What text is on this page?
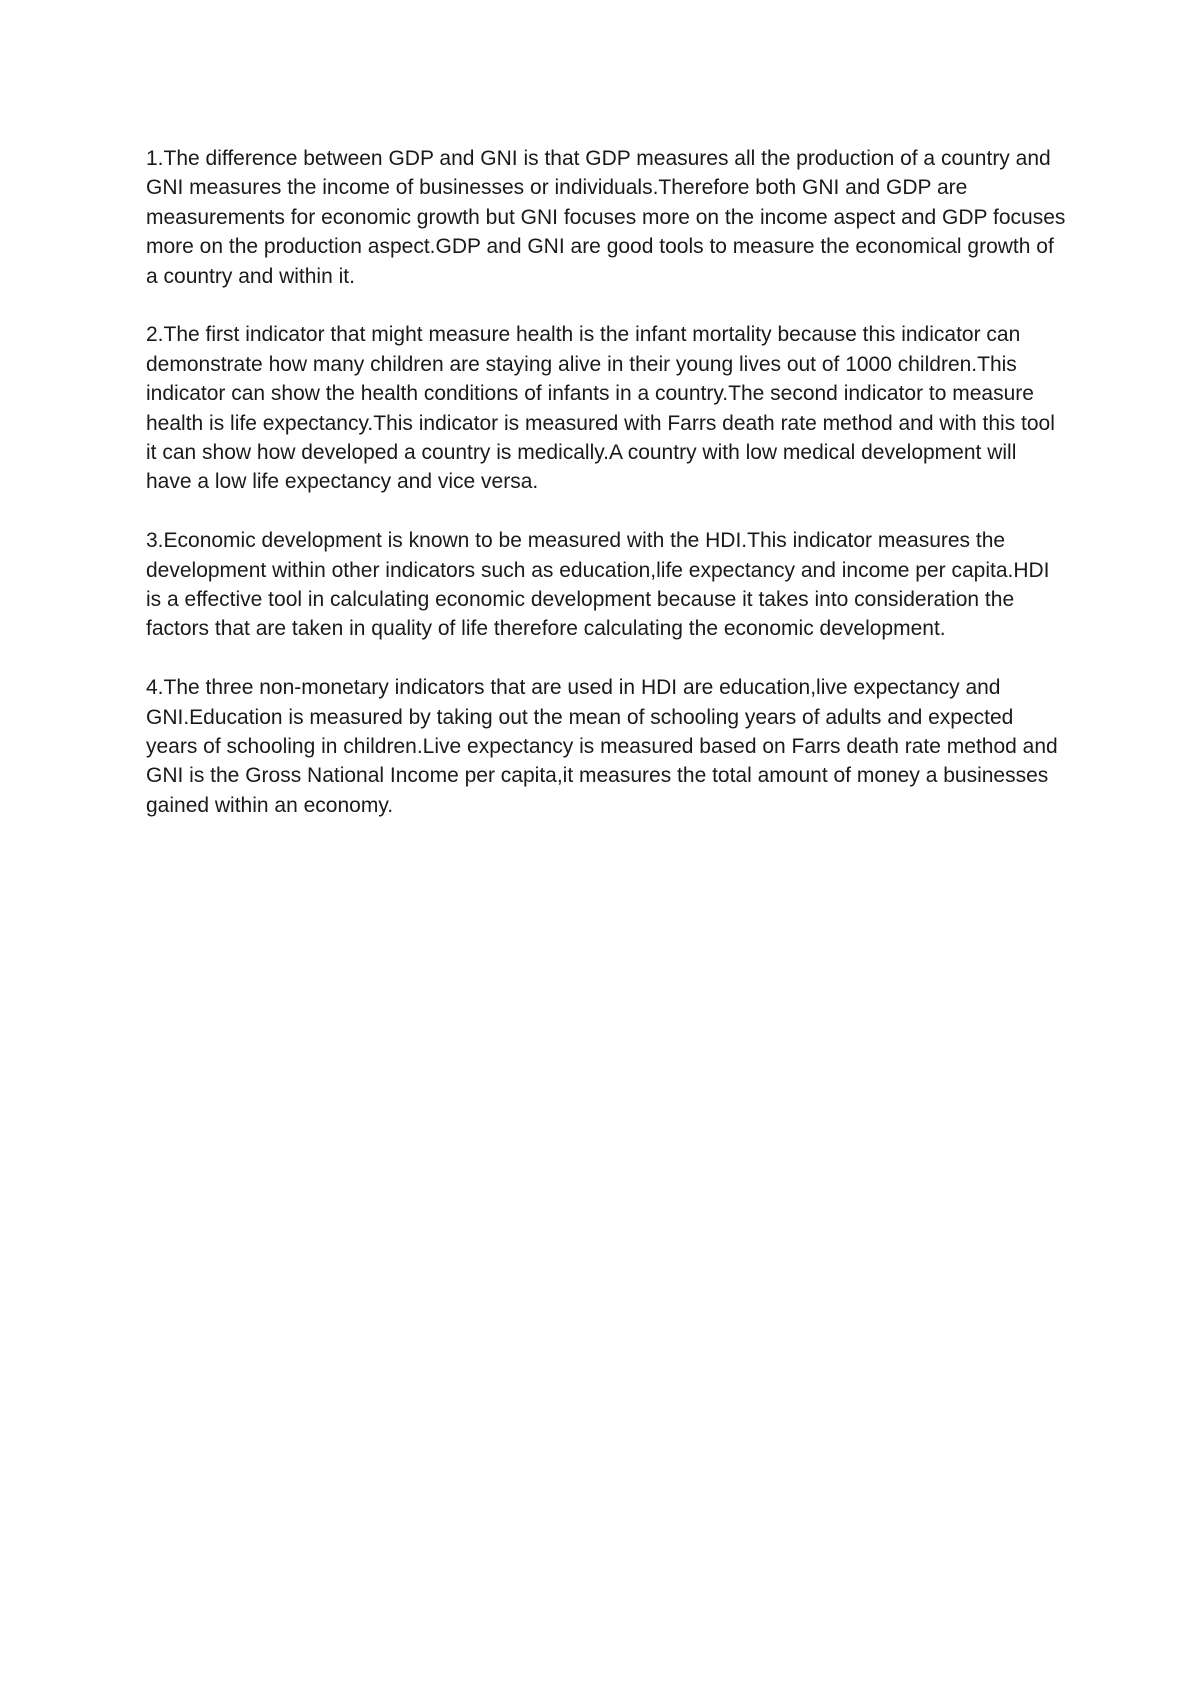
1.The difference between GDP and GNI is that GDP measures all the production of a country and GNI measures the income of businesses or individuals.Therefore both GNI and GDP are measurements for economic growth but GNI focuses more on the income aspect and GDP focuses more on the production aspect.GDP and GNI are good tools to measure the economical growth of a country and within it.

2.The first indicator that might measure health is the infant mortality because this indicator can demonstrate how many children are staying alive in their young lives out of 1000 children.This indicator can show the health conditions of infants in a country.The second indicator to measure health is life expectancy.This indicator is measured with Farrs death rate method and with this tool it can show how developed a country is medically.A country with low medical development will have a low life expectancy and vice versa.

3.Economic development is known to be measured with the HDI.This indicator measures the development within other indicators such as education,life expectancy and income per capita.HDI is a effective tool in calculating economic development because it takes into consideration the factors that are taken in quality of life therefore calculating the economic development.

4.The three non-monetary indicators that are used in HDI are education,live expectancy and GNI.Education is measured by taking out the mean of schooling years of adults and expected years of schooling in children.Live expectancy is measured based on Farrs death rate method and GNI is the Gross National Income per capita,it measures the total amount of money a businesses gained within an economy.
